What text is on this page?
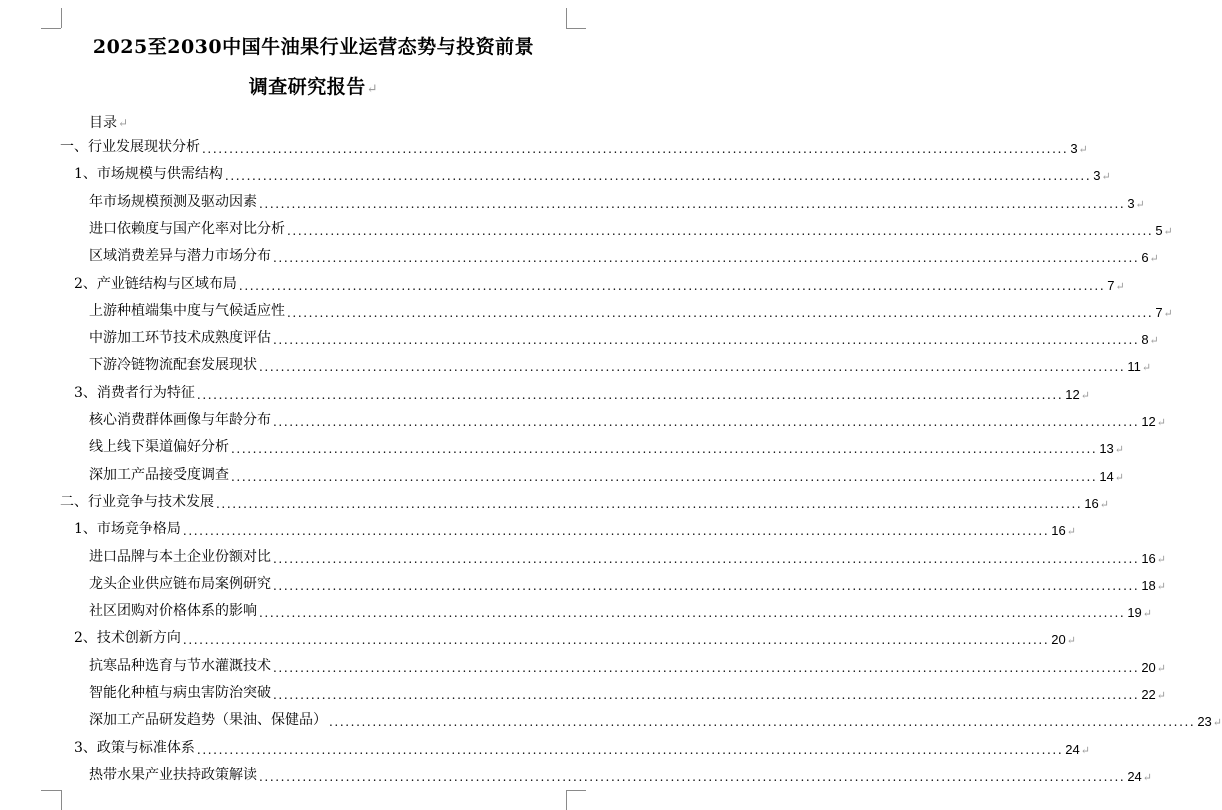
2025至2030中国牛油果行业运营态势与投资前景
调查研究报告↵
目录↵
一、行业发展现状分析 ................................................................................................................................................................ 3 ↵
1、市场规模与供需结构 ................................................................................................................................................................ 3 ↵
年市场规模预测及驱动因素 ................................................................................................................................................................ 3 ↵
进口依赖度与国产化率对比分析 ................................................................................................................................................................ 5 ↵
区域消费差异与潜力市场分布 ................................................................................................................................................................ 6 ↵
2、产业链结构与区域布局 ................................................................................................................................................................ 7 ↵
上游种植端集中度与气候适应性 ................................................................................................................................................................ 7 ↵
中游加工环节技术成熟度评估 ................................................................................................................................................................ 8 ↵
下游冷链物流配套发展现状 ................................................................................................................................................................ 11 ↵
3、消费者行为特征 ................................................................................................................................................................ 12 ↵
核心消费群体画像与年龄分布 ................................................................................................................................................................ 12 ↵
线上线下渠道偏好分析 ................................................................................................................................................................ 13 ↵
深加工产品接受度调查 ................................................................................................................................................................ 14 ↵
二、行业竞争与技术发展 ................................................................................................................................................................ 16 ↵
1、市场竞争格局 ................................................................................................................................................................ 16 ↵
进口品牌与本土企业份额对比 ................................................................................................................................................................ 16 ↵
龙头企业供应链布局案例研究 ................................................................................................................................................................ 18 ↵
社区团购对价格体系的影响 ................................................................................................................................................................ 19 ↵
2、技术创新方向 ................................................................................................................................................................ 20 ↵
抗寒品种选育与节水灌溉技术 ................................................................................................................................................................ 20 ↵
智能化种植与病虫害防治突破 ................................................................................................................................................................ 22 ↵
深加工产品研发趋势（果油、保健品） ................................................................................................................................................................ 23 ↵
3、政策与标准体系 ................................................................................................................................................................ 24 ↵
热带水果产业扶持政策解读 ................................................................................................................................................................ 24 ↵
